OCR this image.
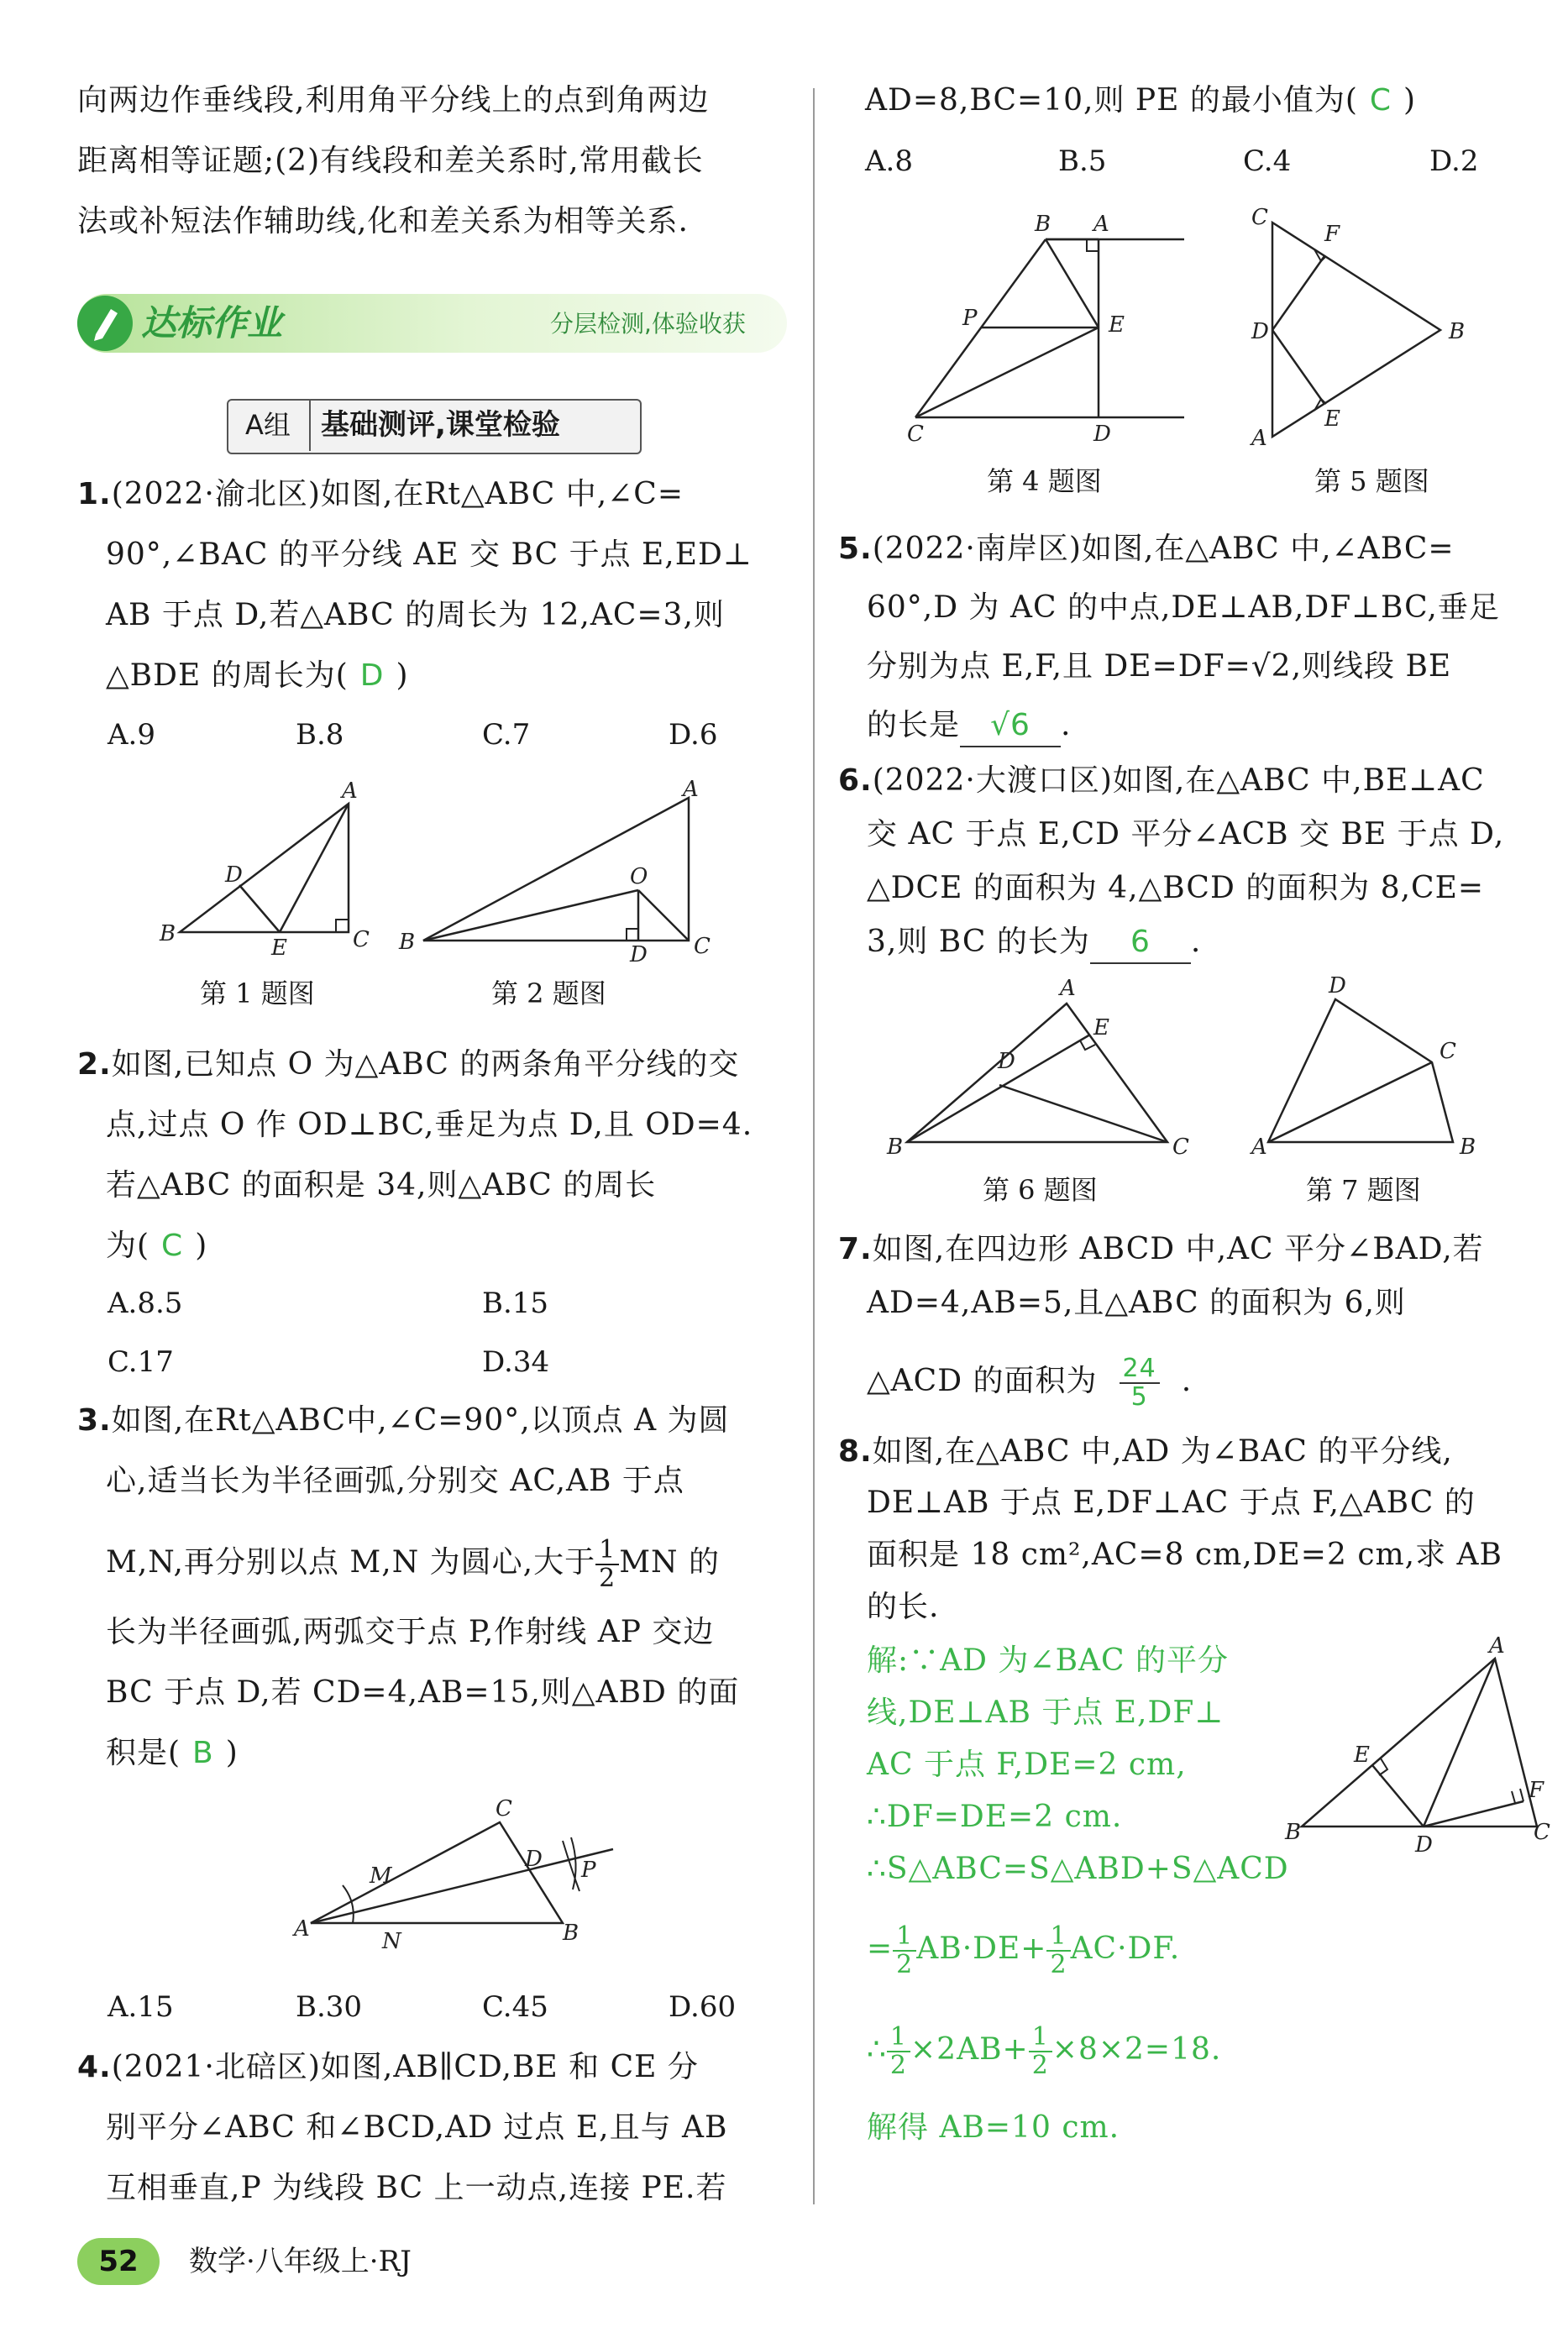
向两边作垂线段,利用角平分线上的点到角两边
距离相等证题;(2)有线段和差关系时,常用截长
法或补短法作辅助线,化和差关系为相等关系.
达标作业	分层检测,体验收获
A组	基础测评,课堂检验
1.(2022·渝北区)如图,在Rt△ABC 中,∠C=
90°,∠BAC 的平分线 AE 交 BC 于点 E,ED⊥
AB 于点 D,若△ABC 的周长为 12,AC=3,则
△BDE 的周长为( D )
A.9	B.8	C.7	D.6
A
B	C
D
E
第 1 题图
A
B	C
D
O
第 2 题图
2.如图,已知点 O 为△ABC 的两条角平分线的交
点,过点 O 作 OD⊥BC,垂足为点 D,且 OD=4.
若△ABC 的面积是 34,则△ABC 的周长
为( C )
A.8.5	B.15
C.17	D.34
3.如图,在Rt△ABC中,∠C=90°,以顶点 A 为圆
心,适当长为半径画弧,分别交 AC,AB 于点
M,N,再分别以点 M,N 为圆心,大于 $\frac{1}{2}$ MN 的
长为半径画弧,两弧交于点 P,作射线 AP 交边
BC 于点 D,若 CD=4,AB=15,则△ABD 的面
积是( B )
C
A	B
D
M
N
P
A.15	B.30	C.45	D.60
4.(2021·北碚区)如图,AB∥CD,BE 和 CE 分
别平分∠ABC 和∠BCD,AD 过点 E,且与 AB
互相垂直,P 为线段 BC 上一动点,连接 PE.若
52	数学·八年级上·RJ
AD=8,BC=10,则 PE 的最小值为( C )
A.8	B.5	C.4	D.2
B A
P	E
C	D
第 4 题图
C
F
D	B
E
A
第 5 题图
5.(2022·南岸区)如图,在△ABC 中,∠ABC=
60°,D 为 AC 的中点,DE⊥AB,DF⊥BC,垂足
分别为点 E,F,且 DE=DF=√2,则线段 BE
的长是 √6 .
6.(2022·大渡口区)如图,在△ABC 中,BE⊥AC
交 AC 于点 E,CD 平分∠ACB 交 BE 于点 D,
△DCE 的面积为 4,△BCD 的面积为 8,CE=
3,则 BC 的长为 6 .
A
E
D
B	C
第 6 题图
D
C
A	B
第 7 题图
7.如图,在四边形 ABCD 中,AC 平分∠BAD,若
AD=4,AB=5,且△ABC 的面积为 6,则
△ACD 的面积为 $\frac{24}{5}$ .
8.如图,在△ABC 中,AD 为∠BAC 的平分线,
DE⊥AB 于点 E,DF⊥AC 于点 F,△ABC 的
面积是 18 cm²,AC=8 cm,DE=2 cm,求 AB
的长.
解:∵AD 为∠BAC 的平分
线,DE⊥AB 于点 E,DF⊥
AC 于点 F,DE=2 cm,
∴DF=DE=2 cm.
∴S△ABC=S△ABD+S△ACD
= $\frac{1}{2} AB\cdot DE+ \frac{1}{2} AC\cdot DF$.
∴ $\frac{1}{2} \times 2AB+ \frac{1}{2} \times 8\times 2=18$.
解得 AB=10 cm.
A
E
F
B	D	C
